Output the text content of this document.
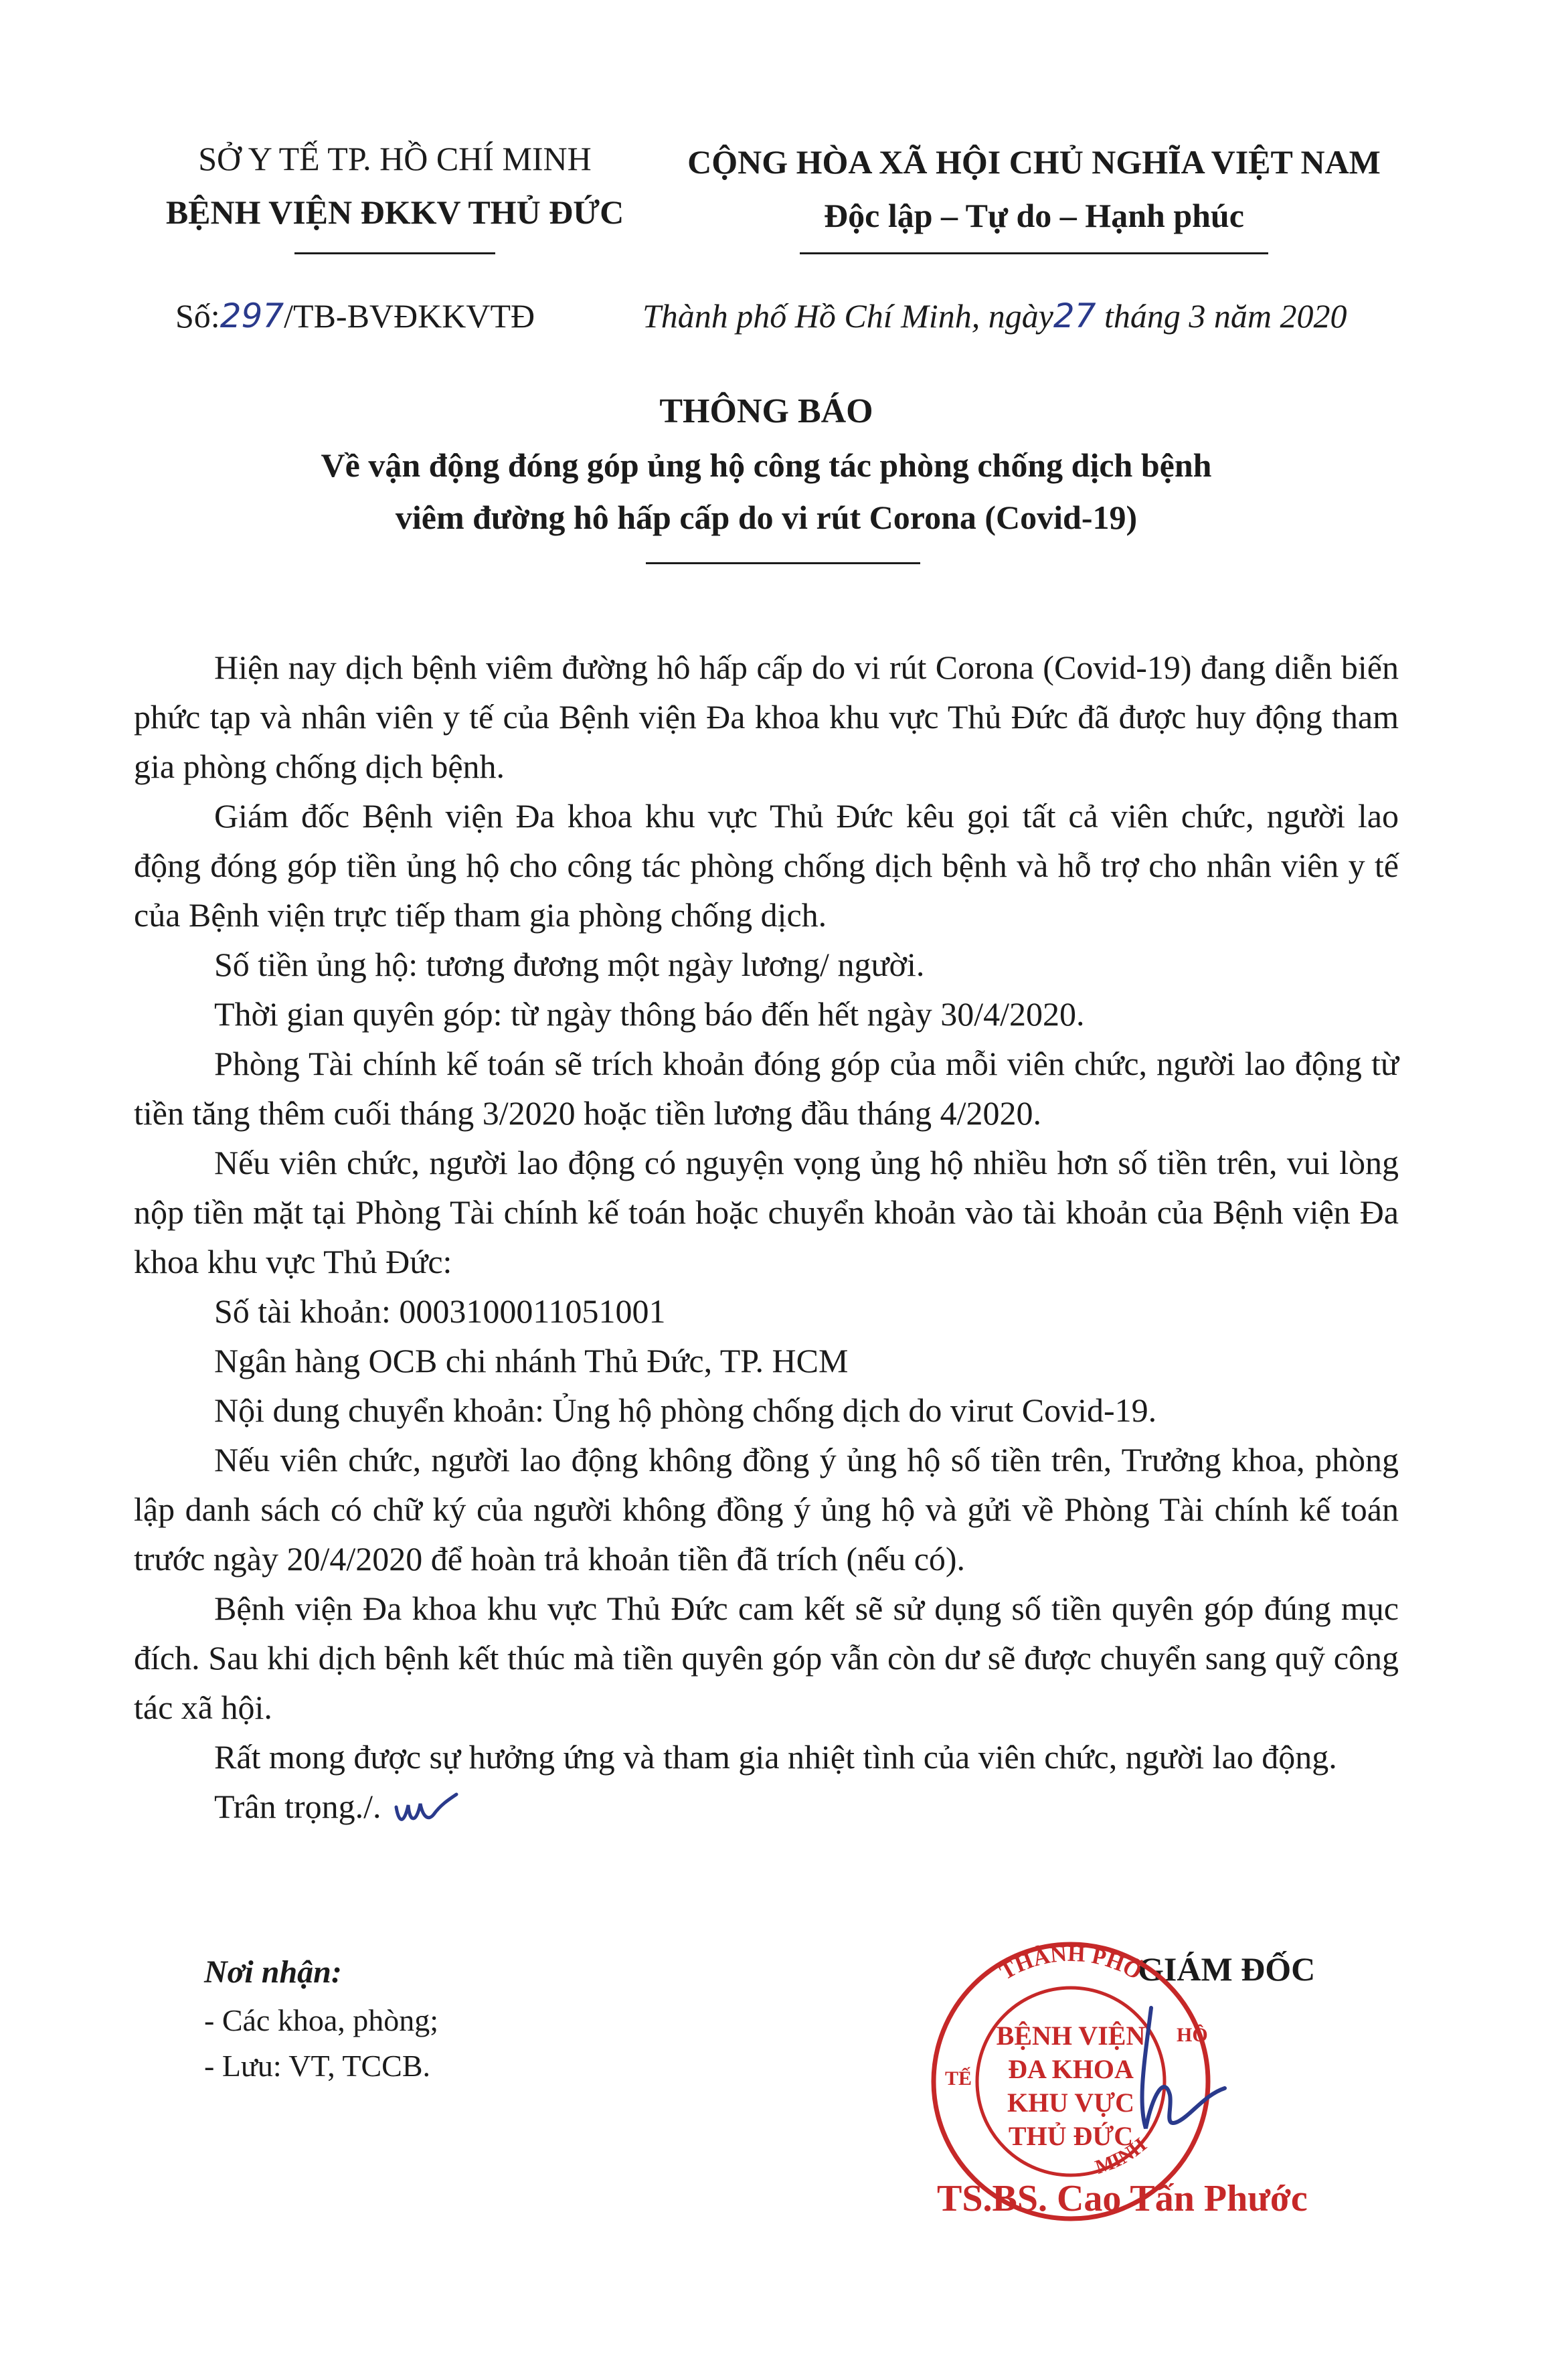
SỞ Y TẾ TP. HỒ CHÍ MINH
BỆNH VIỆN ĐKKV THỦ ĐỨC
CỘNG HÒA XÃ HỘI CHỦ NGHĨA VIỆT NAM
Độc lập – Tự do – Hạnh phúc
Số:297/TB-BVĐKKVTĐ	Thành phố Hồ Chí Minh, ngày27 tháng 3 năm 2020
THÔNG BÁO
Về vận động đóng góp ủng hộ công tác phòng chống dịch bệnh
viêm đường hô hấp cấp do vi rút Corona (Covid-19)

Hiện nay dịch bệnh viêm đường hô hấp cấp do vi rút Corona (Covid-19) đang diễn biến phức tạp và nhân viên y tế của Bệnh viện Đa khoa khu vực Thủ Đức đã được huy động tham gia phòng chống dịch bệnh.

Giám đốc Bệnh viện Đa khoa khu vực Thủ Đức kêu gọi tất cả viên chức, người lao động đóng góp tiền ủng hộ cho công tác phòng chống dịch bệnh và hỗ trợ cho nhân viên y tế của Bệnh viện trực tiếp tham gia phòng chống dịch.

Số tiền ủng hộ: tương đương một ngày lương/ người.

Thời gian quyên góp: từ ngày thông báo đến hết ngày 30/4/2020.

Phòng Tài chính kế toán sẽ trích khoản đóng góp của mỗi viên chức, người lao động từ tiền tăng thêm cuối tháng 3/2020 hoặc tiền lương đầu tháng 4/2020.

Nếu viên chức, người lao động có nguyện vọng ủng hộ nhiều hơn số tiền trên, vui lòng nộp tiền mặt tại Phòng Tài chính kế toán hoặc chuyển khoản vào tài khoản của Bệnh viện Đa khoa khu vực Thủ Đức:

Số tài khoản: 0003100011051001

Ngân hàng OCB chi nhánh Thủ Đức, TP. HCM

Nội dung chuyển khoản: Ủng hộ phòng chống dịch do virut Covid-19.

Nếu viên chức, người lao động không đồng ý ủng hộ số tiền trên, Trưởng khoa, phòng lập danh sách có chữ ký của người không đồng ý ủng hộ và gửi về Phòng Tài chính kế toán trước ngày 20/4/2020 để hoàn trả khoản tiền đã trích (nếu có).

Bệnh viện Đa khoa khu vực Thủ Đức cam kết sẽ sử dụng số tiền quyên góp đúng mục đích. Sau khi dịch bệnh kết thúc mà tiền quyên góp vẫn còn dư sẽ được chuyển sang quỹ công tác xã hội.

Rất mong được sự hưởng ứng và tham gia nhiệt tình của viên chức, người lao động.

Trân trọng./.

Nơi nhận:
- Các khoa, phòng;
- Lưu: VT, TCCB.
GIÁM ĐỐC
THÀNH PHỐ
MINH
TẾ
HỒ
BỆNH VIỆN
ĐA KHOA
KHU VỰC
THỦ ĐỨC
TS.BS. Cao Tấn Phước
